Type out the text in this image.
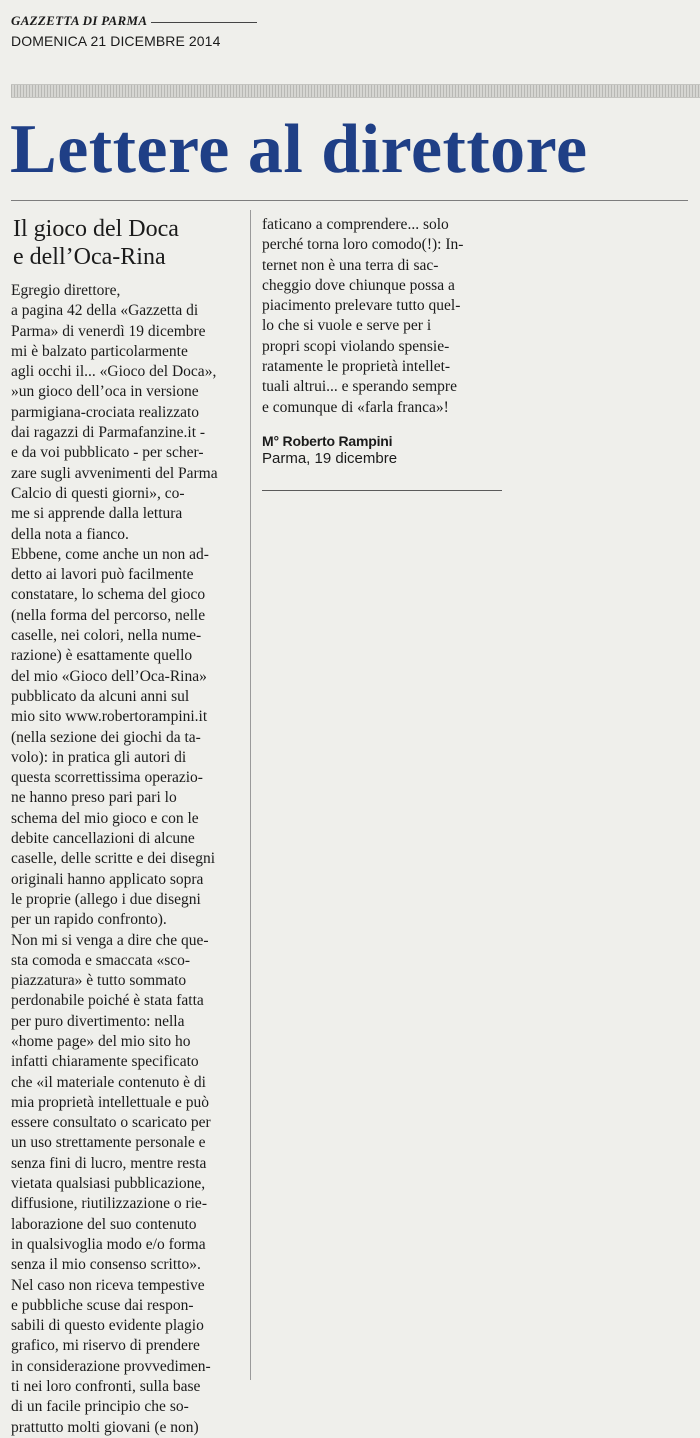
GAZZETTA DI PARMA
DOMENICA 21 DICEMBRE 2014
Lettere al direttore
Il gioco del Doca
e dell’Oca-Rina
Egregio direttore,
a pagina 42 della «Gazzetta di
Parma» di venerdì 19 dicembre
mi è balzato particolarmente
agli occhi il... «Gioco del Doca»,
»un gioco dell’oca in versione
parmigiana-crociata realizzato
dai ragazzi di Parmafanzine.it -
e da voi pubblicato - per scher-
zare sugli avvenimenti del Parma
Calcio di questi giorni», co-
me si apprende dalla lettura
della nota a fianco.
Ebbene, come anche un non ad-
detto ai lavori può facilmente
constatare, lo schema del gioco
(nella forma del percorso, nelle
caselle, nei colori, nella nume-
razione) è esattamente quello
del mio «Gioco dell’Oca-Rina»
pubblicato da alcuni anni sul
mio sito www.robertorampini.it
(nella sezione dei giochi da ta-
volo): in pratica gli autori di
questa scorrettissima operazio-
ne hanno preso pari pari lo
schema del mio gioco e con le
debite cancellazioni di alcune
caselle, delle scritte e dei disegni
originali hanno applicato sopra
le proprie (allego i due disegni
per un rapido confronto).
Non mi si venga a dire che que-
sta comoda e smaccata «sco-
piazzatura» è tutto sommato
perdonabile poiché è stata fatta
per puro divertimento: nella
«home page» del mio sito ho
infatti chiaramente specificato
che «il materiale contenuto è di
mia proprietà intellettuale e può
essere consultato o scaricato per
un uso strettamente personale e
senza fini di lucro, mentre resta
vietata qualsiasi pubblicazione,
diffusione, riutilizzazione o rie-
laborazione del suo contenuto
in qualsivoglia modo e/o forma
senza il mio consenso scritto».
Nel caso non riceva tempestive
e pubbliche scuse dai respon-
sabili di questo evidente plagio
grafico, mi riservo di prendere
in considerazione provvedimen-
ti nei loro confronti, sulla base
di un facile principio che so-
prattutto molti giovani (e non)
faticano a comprendere... solo
perché torna loro comodo(!): In-
ternet non è una terra di sac-
cheggio dove chiunque possa a
piacimento prelevare tutto quel-
lo che si vuole e serve per i
propri scopi violando spensie-
ratamente le proprietà intellet-
tuali altrui... e sperando sempre
e comunque di «farla franca»!
M° Roberto Rampini
Parma, 19 dicembre
